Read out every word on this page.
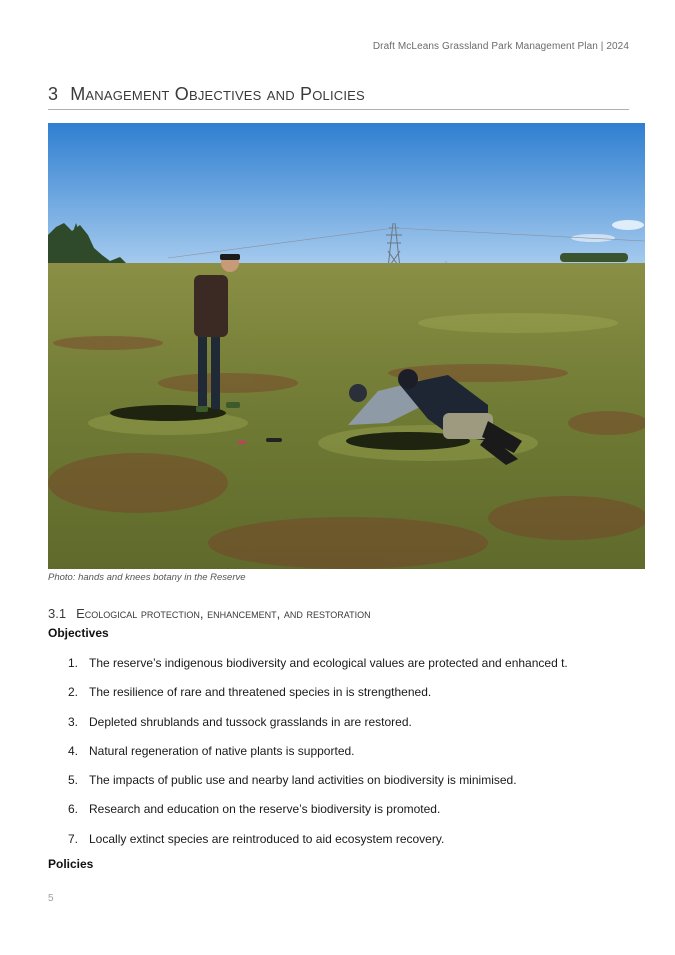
Draft McLeans Grassland Park Management Plan | 2024
3 Management Objectives and Policies
Photo: hands and knees botany in the Reserve
3.1 Ecological protection, enhancement, and restoration
Objectives
1. The reserve’s indigenous biodiversity and ecological values are protected and enhanced t.
2. The resilience of rare and threatened species in is strengthened.
3. Depleted shrublands and tussock grasslands in are restored.
4. Natural regeneration of native plants is supported.
5. The impacts of public use and nearby land activities on biodiversity is minimised.
6. Research and education on the reserve’s biodiversity is promoted.
7. Locally extinct species are reintroduced to aid ecosystem recovery.
Policies
5
